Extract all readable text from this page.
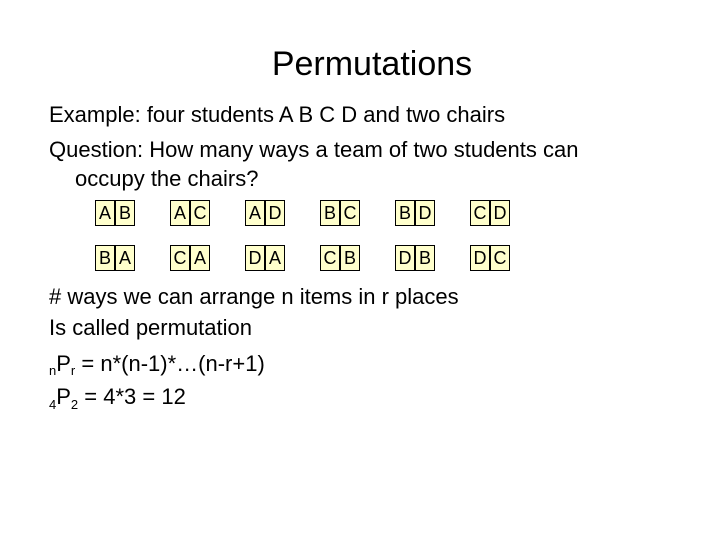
Permutations
Example: four students A B C D and two chairs
Question: How many ways a team of two students can
occupy the chairs?
A B A C A D B C B D C D
B A C A D A C B D B D C
# ways we can arrange n items in r places
Is called permutation
$_nP_r$ = n*(n-1)*…(n-r+1)
$_4P_2 = 4*3 = 12$
